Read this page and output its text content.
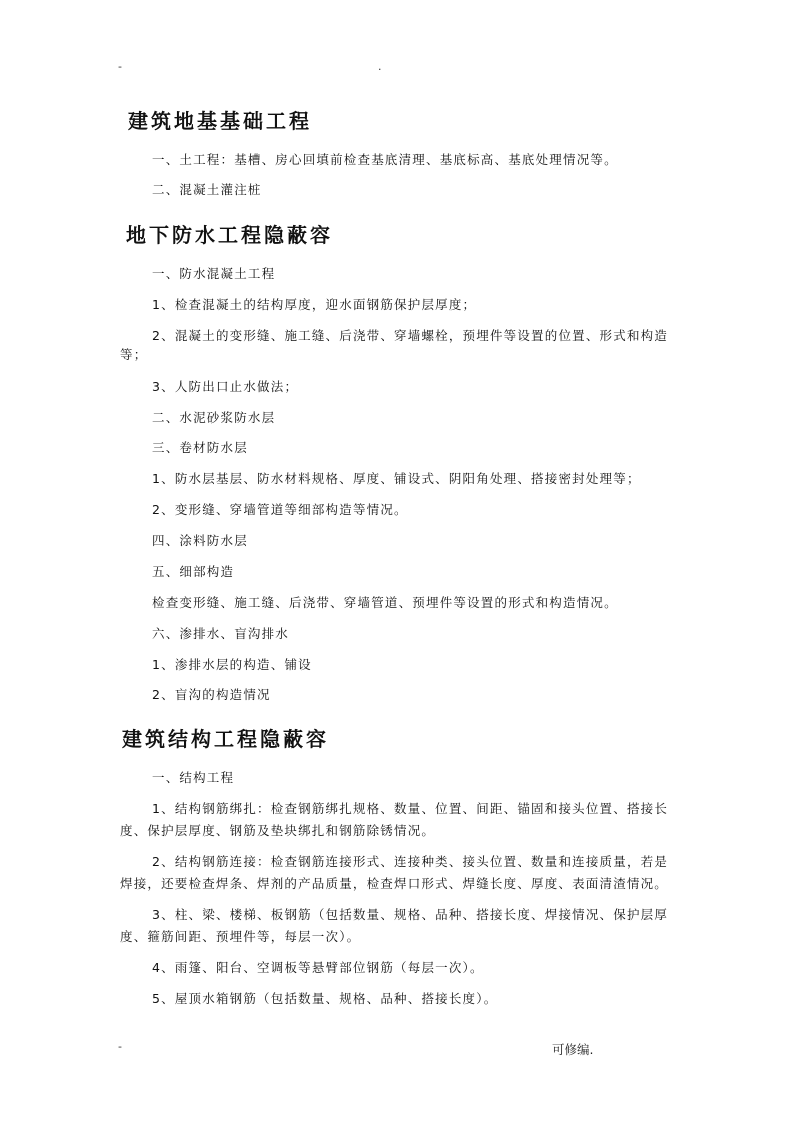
-	.
建筑地基基础工程
一、土工程：基槽、房心回填前检查基底清理、基底标高、基底处理情况等。
二、混凝土灌注桩
地下防水工程隐蔽容
一、防水混凝土工程
1、检查混凝土的结构厚度，迎水面钢筋保护层厚度；
2、混凝土的变形缝、施工缝、后浇带、穿墙螺栓，预埋件等设置的位置、形式和构造
等；
3、人防出口止水做法；
二、水泥砂浆防水层
三、卷材防水层
1、防水层基层、防水材料规格、厚度、铺设式、阴阳角处理、搭接密封处理等；
2、变形缝、穿墙管道等细部构造等情况。
四、涂料防水层
五、细部构造
检查变形缝、施工缝、后浇带、穿墙管道、预埋件等设置的形式和构造情况。
六、渗排水、盲沟排水
1、渗排水层的构造、铺设
2、盲沟的构造情况
建筑结构工程隐蔽容
一、结构工程
1、结构钢筋绑扎：检查钢筋绑扎规格、数量、位置、间距、锚固和接头位置、搭接长
度、保护层厚度、钢筋及垫块绑扎和钢筋除锈情况。
2、结构钢筋连接：检查钢筋连接形式、连接种类、接头位置、数量和连接质量，若是
焊接，还要检查焊条、焊剂的产品质量，检查焊口形式、焊缝长度、厚度、表面清渣情况。
3、柱、梁、楼梯、板钢筋（包括数量、规格、品种、搭接长度、焊接情况、保护层厚
度、箍筋间距、预埋件等，每层一次）。
4、雨篷、阳台、空调板等悬臂部位钢筋（每层一次）。
5、屋顶水箱钢筋（包括数量、规格、品种、搭接长度）。
-	可修编.
